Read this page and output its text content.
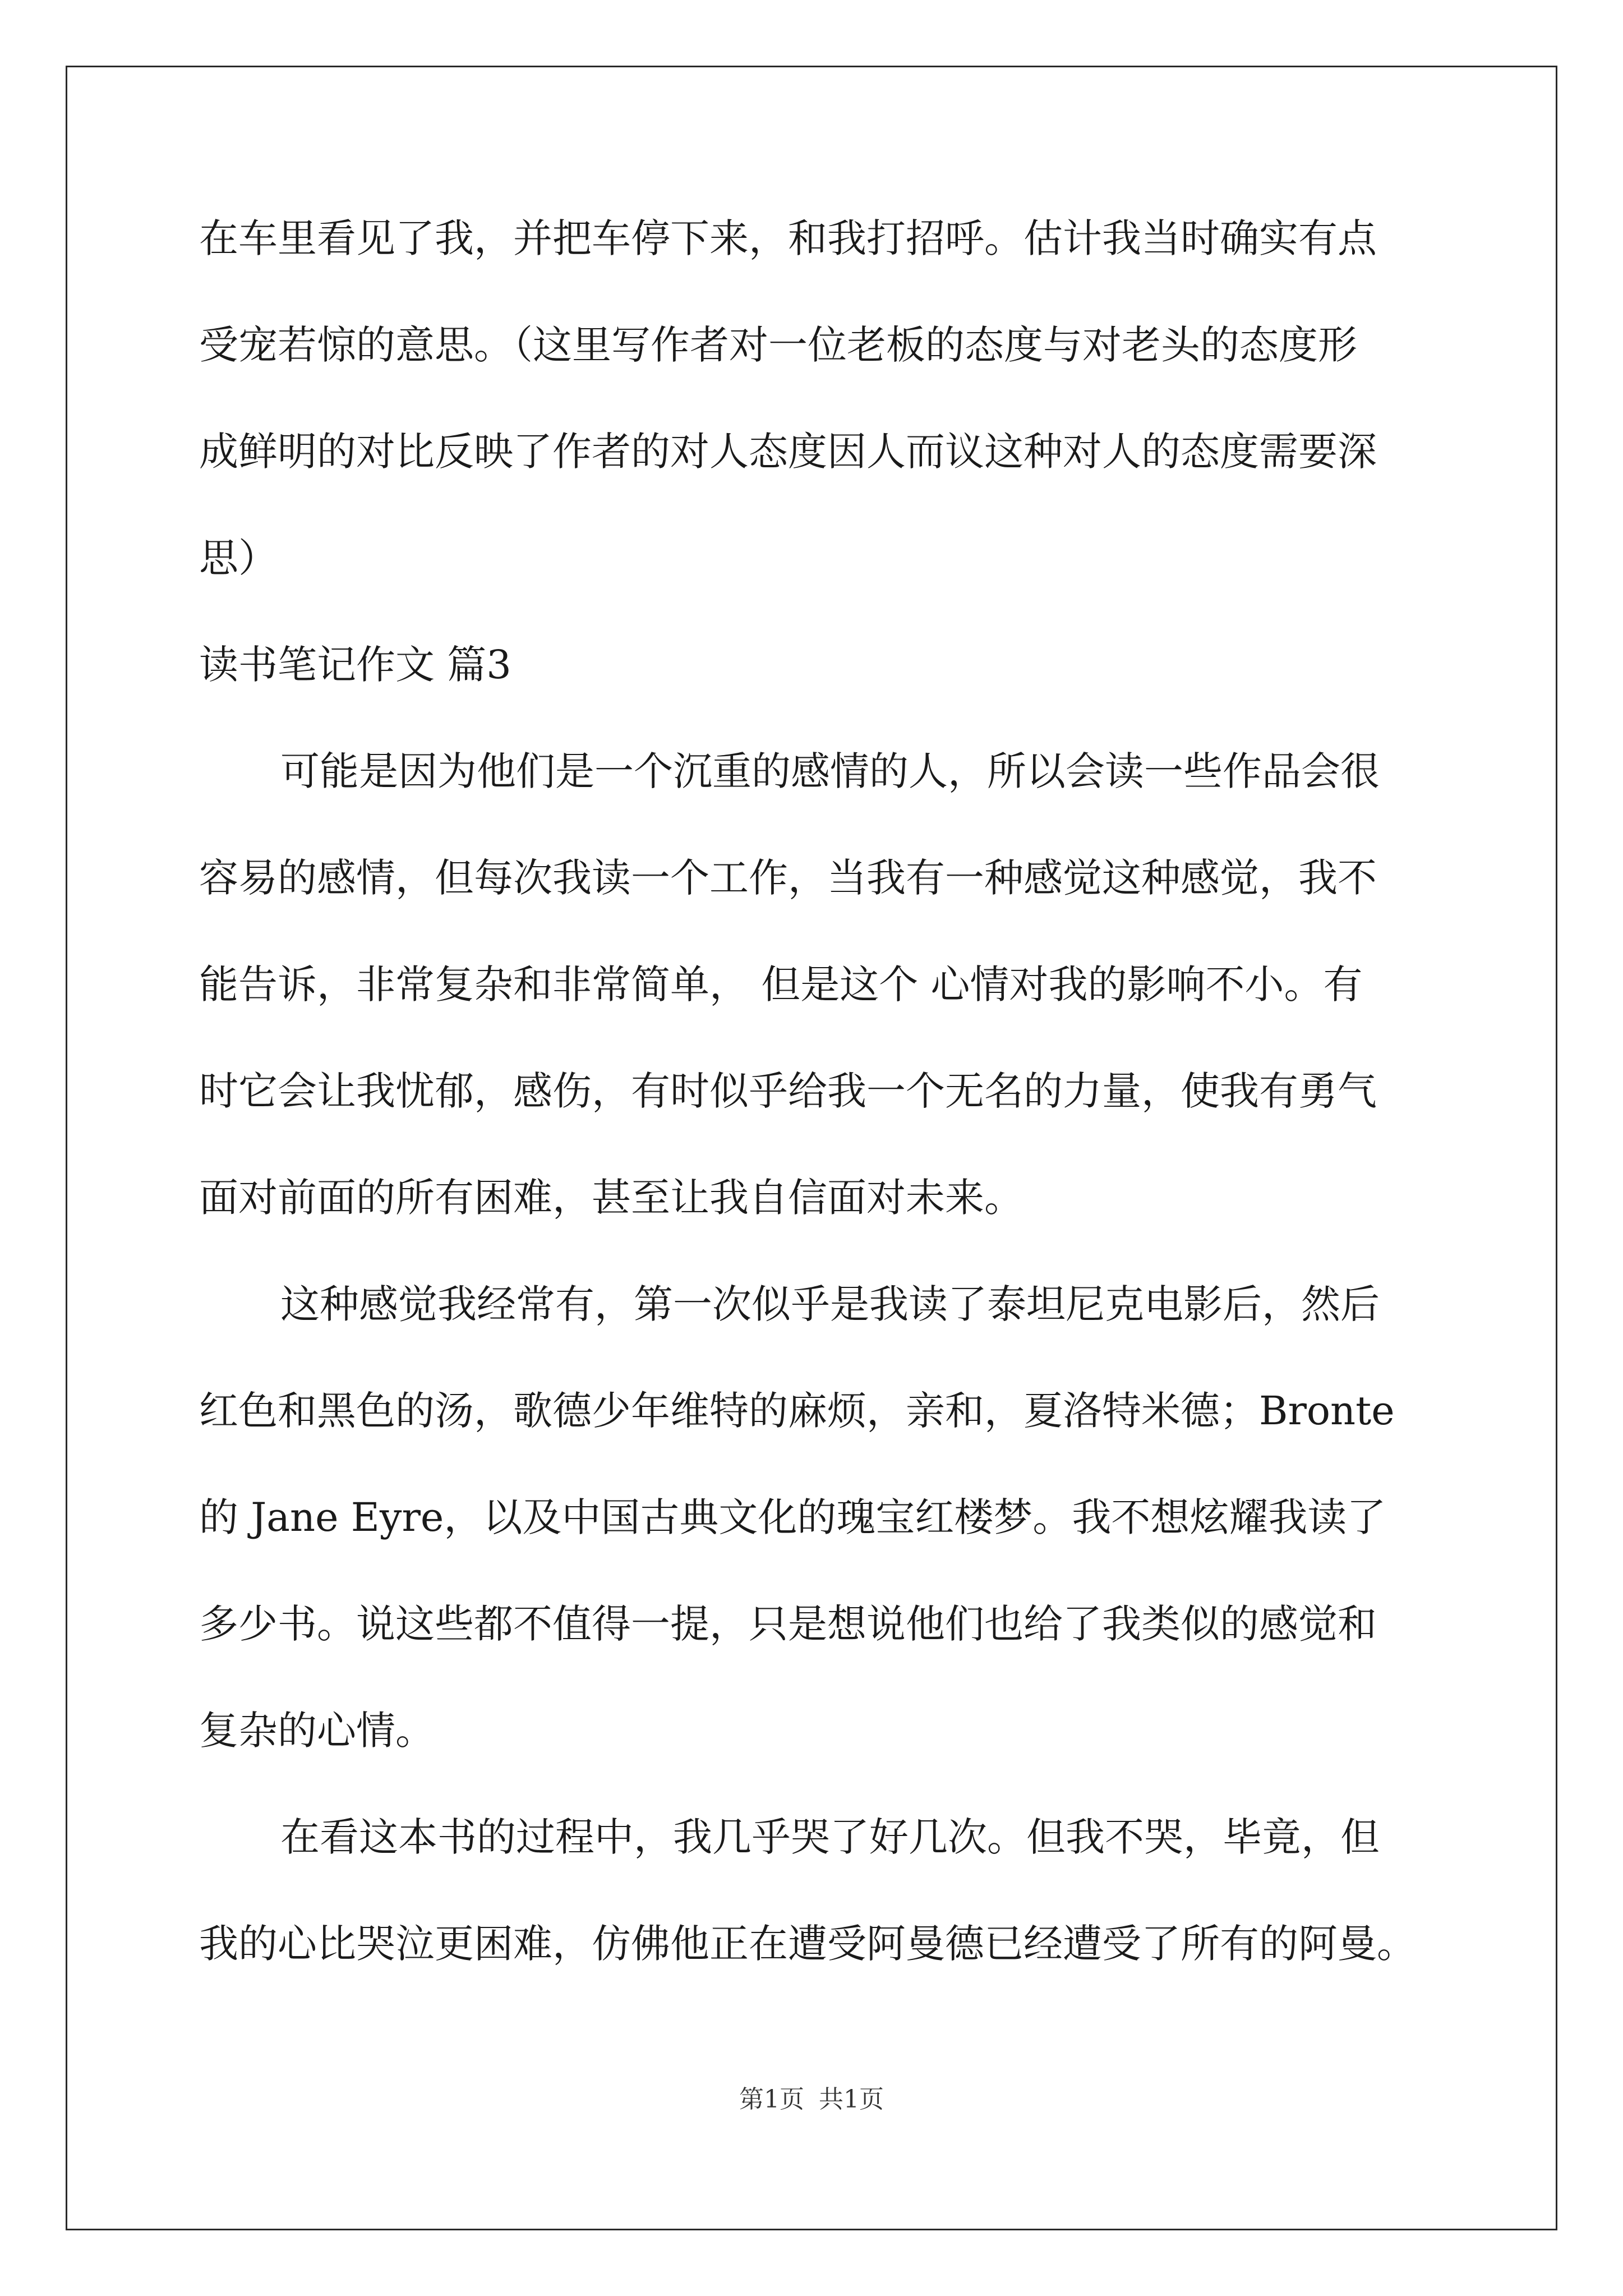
在车里看见了我，并把车停下来，和我打招呼。估计我当时确实有点
受宠若惊的意思。（这里写作者对一位老板的态度与对老头的态度形
成鲜明的对比反映了作者的对人态度因人而议这种对人的态度需要深
思）
读书笔记作文 篇3
可能是因为他们是一个沉重的感情的人，所以会读一些作品会很
容易的感情，但每次我读一个工作，当我有一种感觉这种感觉，我不
能告诉，非常复杂和非常简单， 但是这个 心情对我的影响不小。有
时它会让我忧郁，感伤，有时似乎给我一个无名的力量，使我有勇气
面对前面的所有困难，甚至让我自信面对未来。
这种感觉我经常有，第一次似乎是我读了泰坦尼克电影后，然后
红色和黑色的汤，歌德少年维特的麻烦，亲和，夏洛特米德；Bronte
的 Jane Eyre，以及中国古典文化的瑰宝红楼梦。我不想炫耀我读了
多少书。说这些都不值得一提，只是想说他们也给了我类似的感觉和
复杂的心情。
在看这本书的过程中，我几乎哭了好几次。但我不哭，毕竟，但
我的心比哭泣更困难，仿佛他正在遭受阿曼德已经遭受了所有的阿曼。
第1页 共1页
